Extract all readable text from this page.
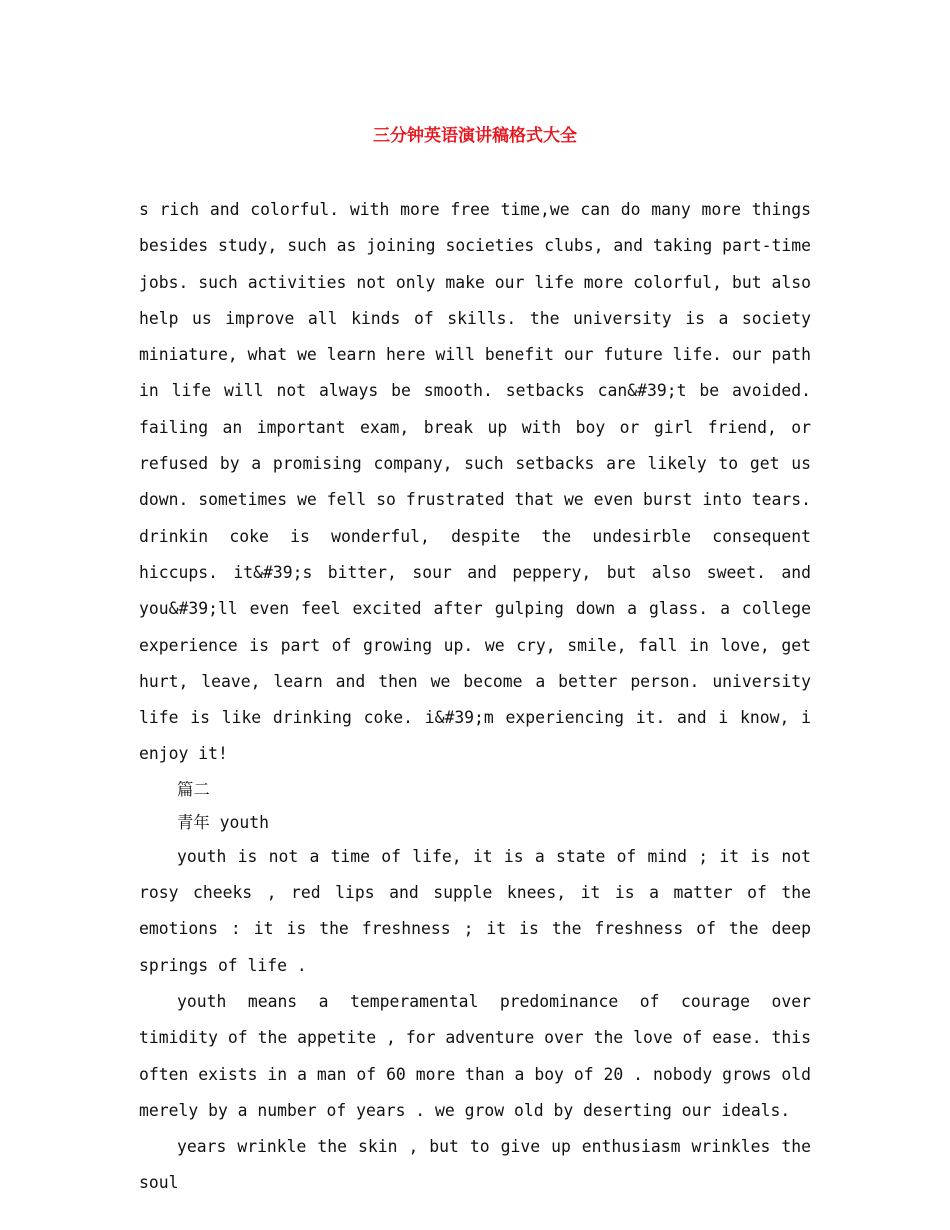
三分钟英语演讲稿格式大全

s rich and colorful. with more free time,we can do many more things besides study, such as joining societies clubs, and taking part-time jobs. such activities not only make our life more colorful, but also help us improve all kinds of skills. the university is a society miniature, what we learn here will benefit our future life. our path in life will not always be smooth. setbacks can&#39;t be avoided. failing an important exam, break up with boy or girl friend, or refused by a promising company, such setbacks are likely to get us down. sometimes we fell so frustrated that we even burst into tears. drinkin coke is wonderful, despite the undesirble consequent hiccups. it&#39;s bitter, sour and peppery, but also sweet. and you&#39;ll even feel excited after gulping down a glass. a college experience is part of growing up. we cry, smile, fall in love, get hurt, leave, learn and then we become a better person. university life is like drinking coke. i&#39;m experiencing it. and i know, i enjoy it!

篇二

青年 youth

youth is not a time of life, it is a state of mind ; it is not rosy cheeks , red lips and supple knees, it is a matter of the emotions : it is the freshness ; it is the freshness of the deep springs of life .

youth means a temperamental predominance of courage over timidity of the appetite , for adventure over the love of ease. this often exists in a man of 60 more than a boy of 20 . nobody grows old merely by a number of years . we grow old by deserting our ideals.

years wrinkle the skin , but to give up enthusiasm wrinkles the soul
